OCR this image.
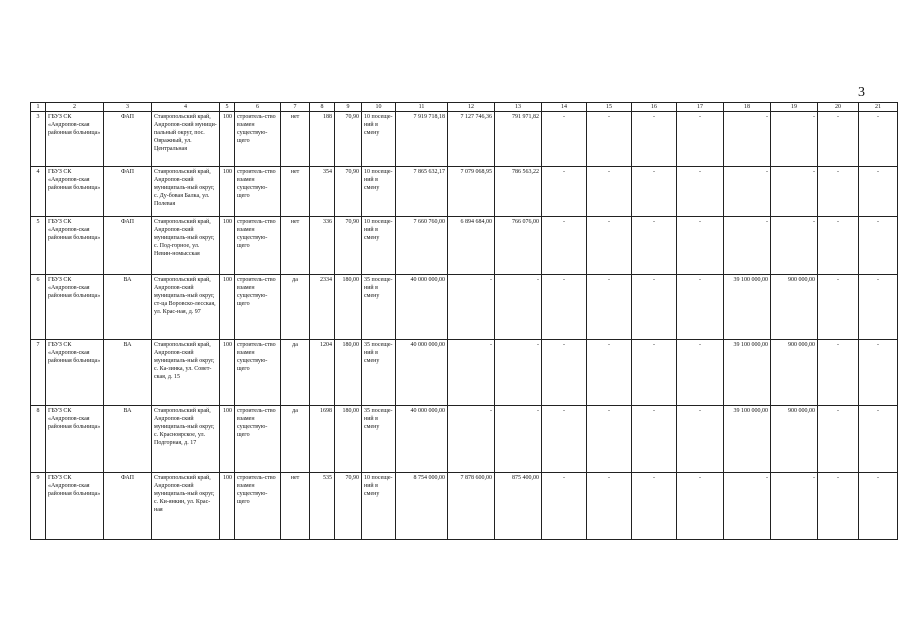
3
1	2	3	4	5	6	7	8	9	10	11	12	13	14	15	16	17	18	19	20	21
3	ГБУЗ СК «Андропов-ская районная больница»	ФАП	Ставропольский край, Андропов-ский муници-пальный округ, пос. Овражный, ул. Центральная	100	строитель-ство взамен существую-щего	нет	188	70,90	10 посеще-ний в смену	7 919 718,18	7 127 746,36	791 971,82	-	-	-	-	-	-	-	-
4	ГБУЗ СК «Андропов-ская районная больница»	ФАП	Ставропольский край, Андропов-ский муниципаль-ный округ, с. Ду-бовая Балка, ул. Полевая	100	строитель-ство взамен существую-щего	нет	354	70,90	10 посеще-ний в смену	7 865 632,17	7 079 068,95	786 563,22	-	-	-	-	-	-	-	-
5	ГБУЗ СК «Андропов-ская районная больница»	ФАП	Ставропольский край, Андропов-ский муниципаль-ный округ, с. Под-горное, ул. Невин-номысская	100	строитель-ство взамен существую-щего	нет	336	70,90	10 посеще-ний в смену	7 660 760,00	6 894 684,00	766 076,00	-	-	-	-	-	-	-	-
6	ГБУЗ СК «Андропов-ская районная больница»	ВА	Ставропольский край, Андропов-ский муниципаль-ный округ, ст-ца Воровско-лесская, ул. Крас-ная, д. 97	100	строитель-ство взамен существую-щего	да	2334	180,00	35 посеще-ний в смену	40 000 000,00	-	-	-	-	-	-	39 100 000,00	900 000,00	-	-
7	ГБУЗ СК «Андропов-ская районная больница»	ВА	Ставропольский край, Андропов-ский муниципаль-ный округ, с. Ка-зинка, ул. Совет-ская, д. 15	100	строитель-ство взамен существую-щего	да	1204	180,00	35 посеще-ний в смену	40 000 000,00	-	-	-	-	-	-	39 100 000,00	900 000,00	-	-
8	ГБУЗ СК «Андропов-ская районная больница»	ВА	Ставропольский край, Андропов-ский муниципаль-ный округ, с. Красноярское, ул. Подгорная, д. 17	100	строитель-ство взамен существую-щего	да	1698	180,00	35 посеще-ний в смену	40 000 000,00	-	-	-	-	-	-	39 100 000,00	900 000,00	-	-
9	ГБУЗ СК «Андропов-ская районная больница»	ФАП	Ставропольский край, Андропов-ский муниципаль-ный округ, с. Ки-янкин, ул. Крас-ная	100	строитель-ство взамен существую-щего	нет	535	70,90	10 посеще-ний в смену	8 754 000,00	7 878 600,00	875 400,00	-	-	-	-	-	-	-	-
